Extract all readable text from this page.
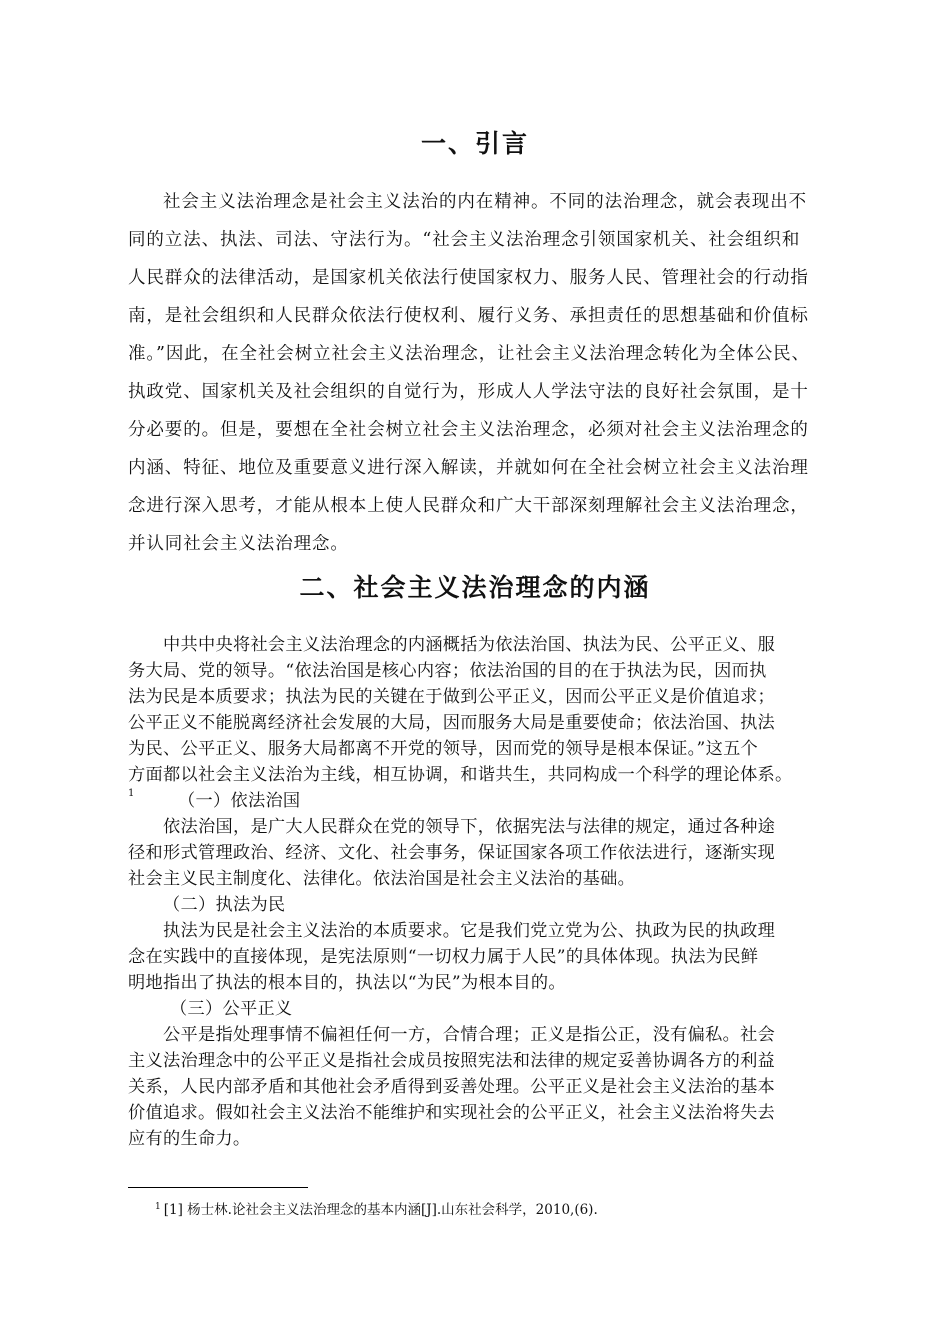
一、引言
社会主义法治理念是社会主义法治的内在精神。不同的法治理念，就会表现出不
同的立法、执法、司法、守法行为。“社会主义法治理念引领国家机关、社会组织和
人民群众的法律活动，是国家机关依法行使国家权力、服务人民、管理社会的行动指
南，是社会组织和人民群众依法行使权利、履行义务、承担责任的思想基础和价值标
准。”因此，在全社会树立社会主义法治理念，让社会主义法治理念转化为全体公民、
执政党、国家机关及社会组织的自觉行为，形成人人学法守法的良好社会氛围，是十
分必要的。但是，要想在全社会树立社会主义法治理念，必须对社会主义法治理念的
内涵、特征、地位及重要意义进行深入解读，并就如何在全社会树立社会主义法治理
念进行深入思考，才能从根本上使人民群众和广大干部深刻理解社会主义法治理念，
并认同社会主义法治理念。
二、社会主义法治理念的内涵
中共中央将社会主义法治理念的内涵概括为依法治国、执法为民、公平正义、服
务大局、党的领导。“依法治国是核心内容；依法治国的目的在于执法为民，因而执
法为民是本质要求；执法为民的关键在于做到公平正义，因而公平正义是价值追求；
公平正义不能脱离经济社会发展的大局，因而服务大局是重要使命；依法治国、执法
为民、公平正义、服务大局都离不开党的领导，因而党的领导是根本保证。”这五个
方面都以社会主义法治为主线，相互协调，和谐共生，共同构成一个科学的理论体系。
1	（一）依法治国
依法治国，是广大人民群众在党的领导下，依据宪法与法律的规定，通过各种途
径和形式管理政治、经济、文化、社会事务，保证国家各项工作依法进行，逐渐实现
社会主义民主制度化、法律化。依法治国是社会主义法治的基础。
（二）执法为民
执法为民是社会主义法治的本质要求。它是我们党立党为公、执政为民的执政理
念在实践中的直接体现，是宪法原则“一切权力属于人民”的具体体现。执法为民鲜
明地指出了执法的根本目的，执法以“为民”为根本目的。
（三）公平正义
公平是指处理事情不偏袒任何一方，合情合理；正义是指公正，没有偏私。社会
主义法治理念中的公平正义是指社会成员按照宪法和法律的规定妥善协调各方的利益
关系，人民内部矛盾和其他社会矛盾得到妥善处理。公平正义是社会主义法治的基本
价值追求。假如社会主义法治不能维护和实现社会的公平正义，社会主义法治将失去
应有的生命力。
$^1$ [1] 杨士林.论社会主义法治理念的基本内涵[J].山东社会科学，2010,(6).
